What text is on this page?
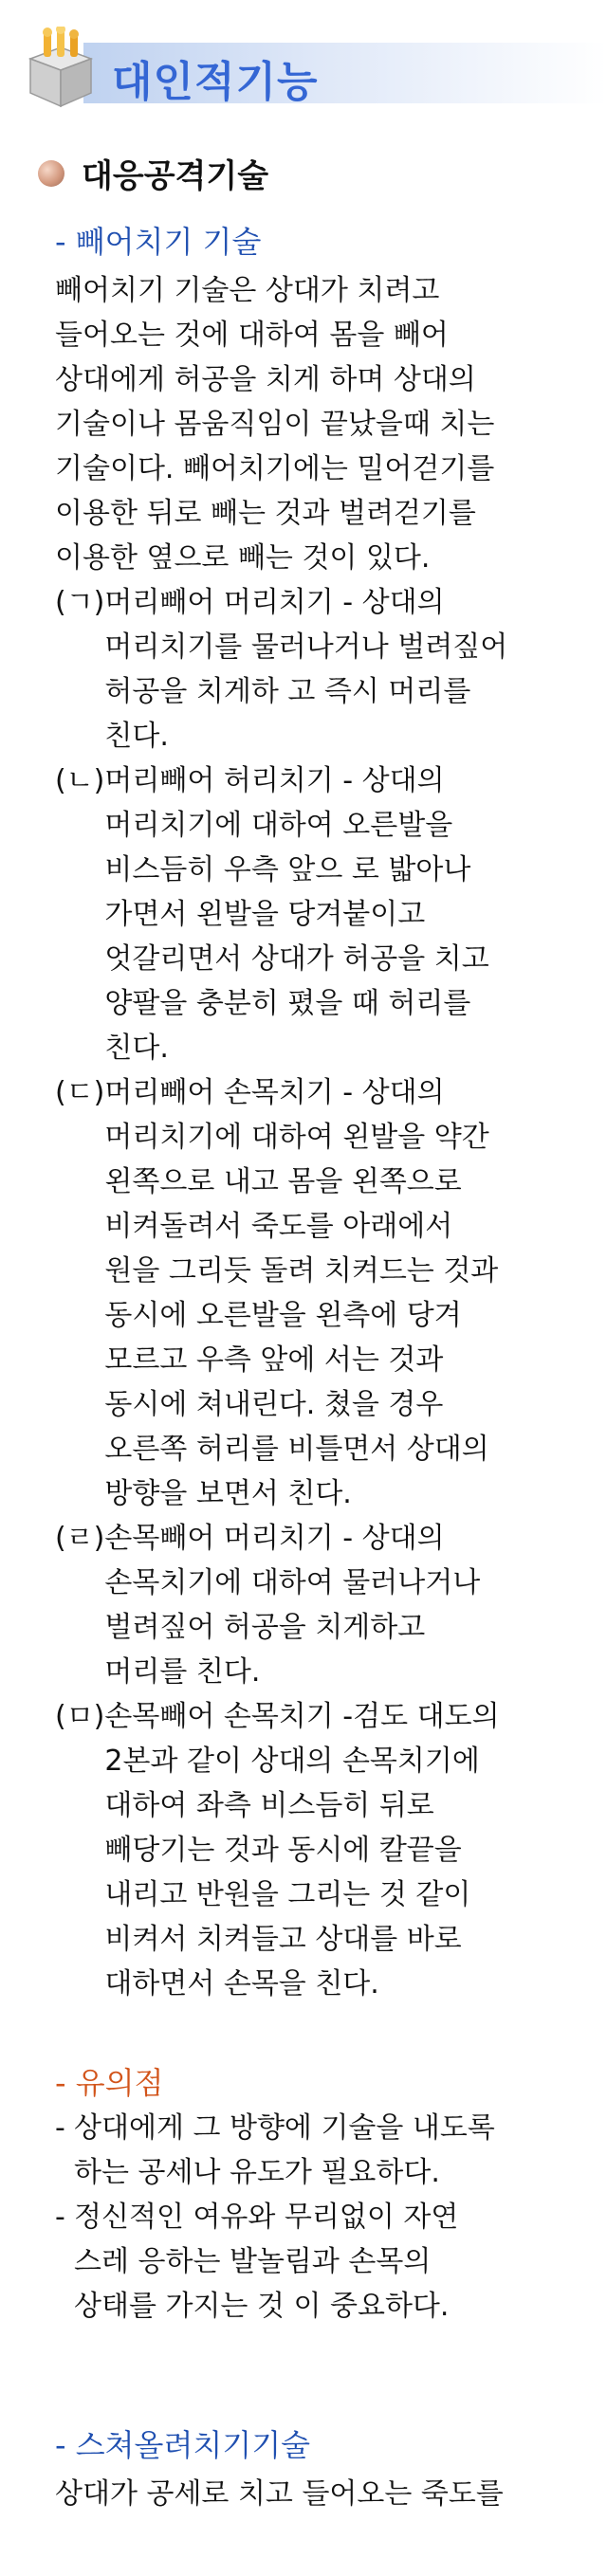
대인적기능
대응공격기술
- 빼어치기 기술
빼어치기 기술은 상대가 치려고
들어오는 것에 대하여 몸을 빼어
상대에게 허공을 치게 하며 상대의
기술이나 몸움직임이 끝났을때 치는
기술이다. 빼어치기에는 밀어걷기를
이용한 뒤로 빼는 것과 벌려걷기를
이용한 옆으로 빼는 것이 있다.
(ㄱ) 머리빼어 머리치기 - 상대의
머리치기를 물러나거나 벌려짚어
허공을 치게하 고 즉시 머리를
친다.
(ㄴ) 머리빼어 허리치기 - 상대의
머리치기에 대하여 오른발을
비스듬히 우측 앞으 로 밟아나
가면서 왼발을 당겨붙이고
엇갈리면서 상대가 허공을 치고
양팔을 충분히 폈을 때 허리를
친다.
(ㄷ) 머리빼어 손목치기 - 상대의
머리치기에 대하여 왼발을 약간
왼쪽으로 내고 몸을 왼쪽으로
비켜돌려서 죽도를 아래에서
원을 그리듯 돌려 치켜드는 것과
동시에 오른발을 왼측에 당겨
모르고 우측 앞에 서는 것과
동시에 쳐내린다. 쳤을 경우
오른쪽 허리를 비틀면서 상대의
방향을 보면서 친다.
(ㄹ) 손목빼어 머리치기 - 상대의
손목치기에 대하여 물러나거나
벌려짚어 허공을 치게하고
머리를 친다.
(ㅁ) 손목빼어 손목치기 -검도 대도의
2본과 같이 상대의 손목치기에
대하여 좌측 비스듬히 뒤로
빼당기는 것과 동시에 칼끝을
내리고 반원을 그리는 것 같이
비켜서 치켜들고 상대를 바로
대하면서 손목을 친다.
- 유의점
- 상대에게 그 방향에 기술을 내도록
하는 공세나 유도가 필요하다.
- 정신적인 여유와 무리없이 자연
스레 응하는 발놀림과 손목의
상태를 가지는 것 이 중요하다.
- 스쳐올려치기기술
상대가 공세로 치고 들어오는 죽도를
